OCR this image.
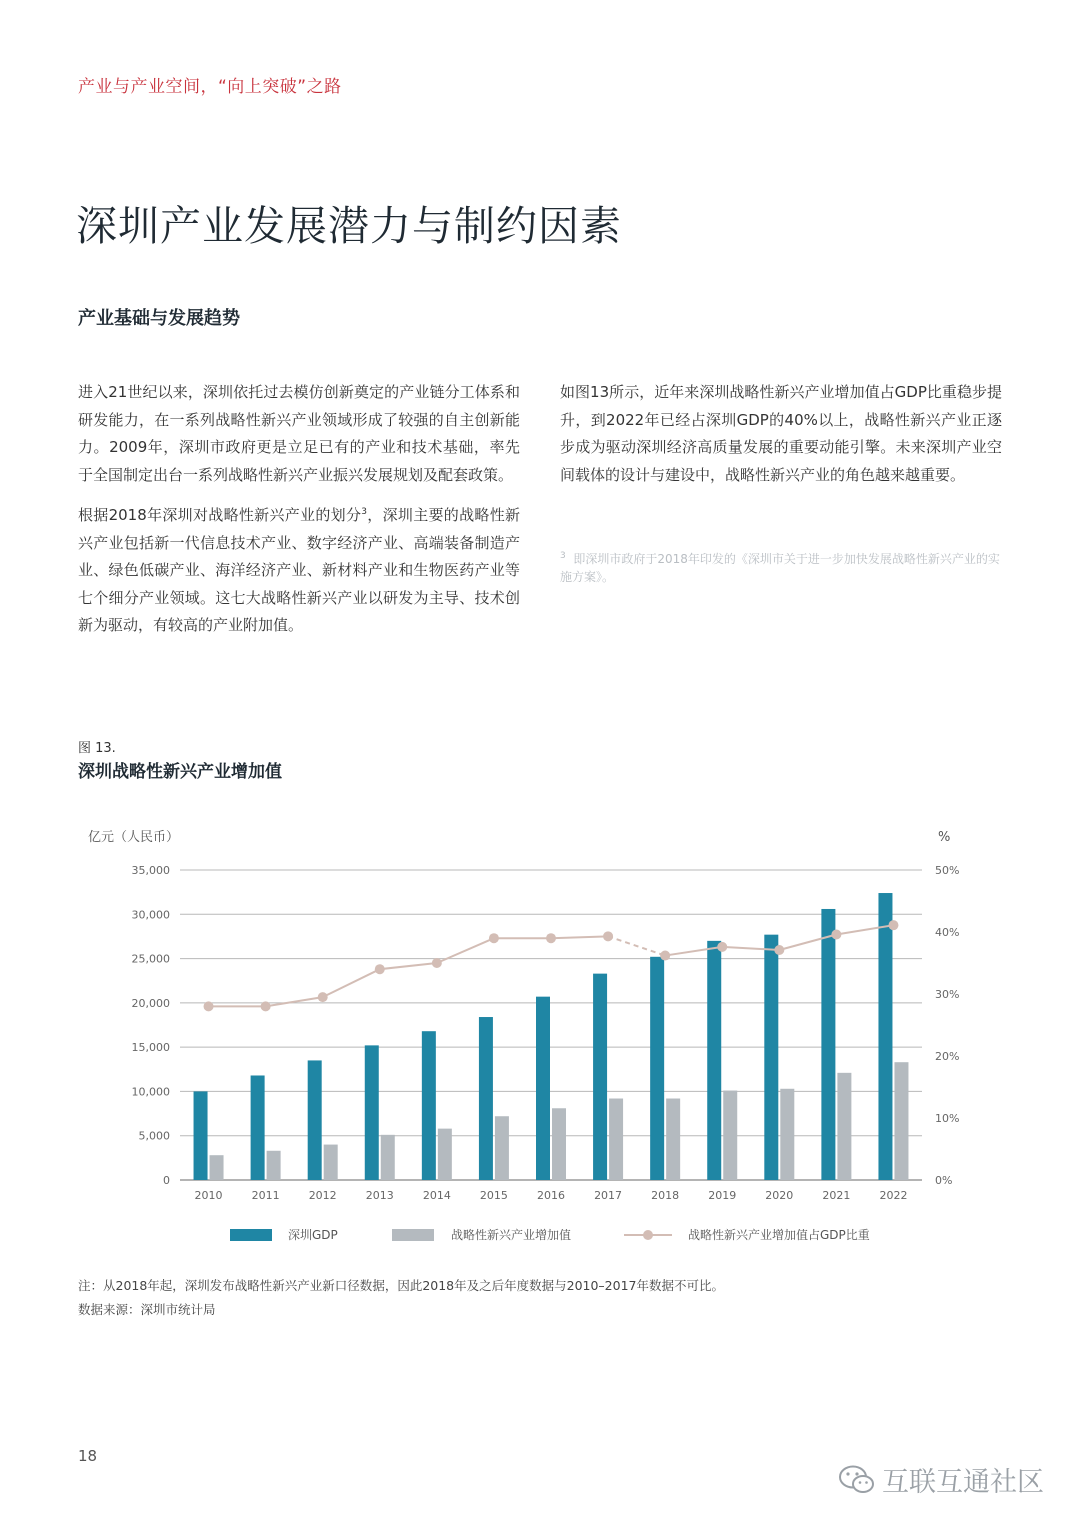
产业与产业空间，“向上突破”之路
深圳产业发展潜力与制约因素
产业基础与发展趋势

进入21世纪以来，深圳依托过去模仿创新奠定的产业链分工体系和研发能力，在一系列战略性新兴产业领域形成了较强的自主创新能力。2009年，深圳市政府更是立足已有的产业和技术基础，率先于全国制定出台一系列战略性新兴产业振兴发展规划及配套政策。

根据2018年深圳对战略性新兴产业的划分$^3$，深圳主要的战略性新兴产业包括新一代信息技术产业、数字经济产业、高端装备制造产业、绿色低碳产业、海洋经济产业、新材料产业和生物医药产业等七个细分产业领域。这七大战略性新兴产业以研发为主导、技术创新为驱动，有较高的产业附加值。

如图13所示，近年来深圳战略性新兴产业增加值占GDP比重稳步提升，到2022年已经占深圳GDP的40%以上，战略性新兴产业正逐步成为驱动深圳经济高质量发展的重要动能引擎。未来深圳产业空间载体的设计与建设中，战略性新兴产业的角色越来越重要。

$^3$ 即深圳市政府于2018年印发的《深圳市关于进一步加快发展战略性新兴产业的实施方案》。
图 13.
深圳战略性新兴产业增加值
亿元（人民币）	%
0
5,000
10,000
15,000
20,000
25,000
30,000
35,000
0%
10%
20%
30%
40%
50%
2010	2011	2012	2013	2014	2015	2016	2017	2018	2019	2020	2021	2022
深圳GDP	战略性新兴产业增加值	战略性新兴产业增加值占GDP比重
注：从2018年起，深圳发布战略性新兴产业新口径数据，因此2018年及之后年度数据与2010–2017年数据不可比。
数据来源：深圳市统计局
18
互联互通社区
